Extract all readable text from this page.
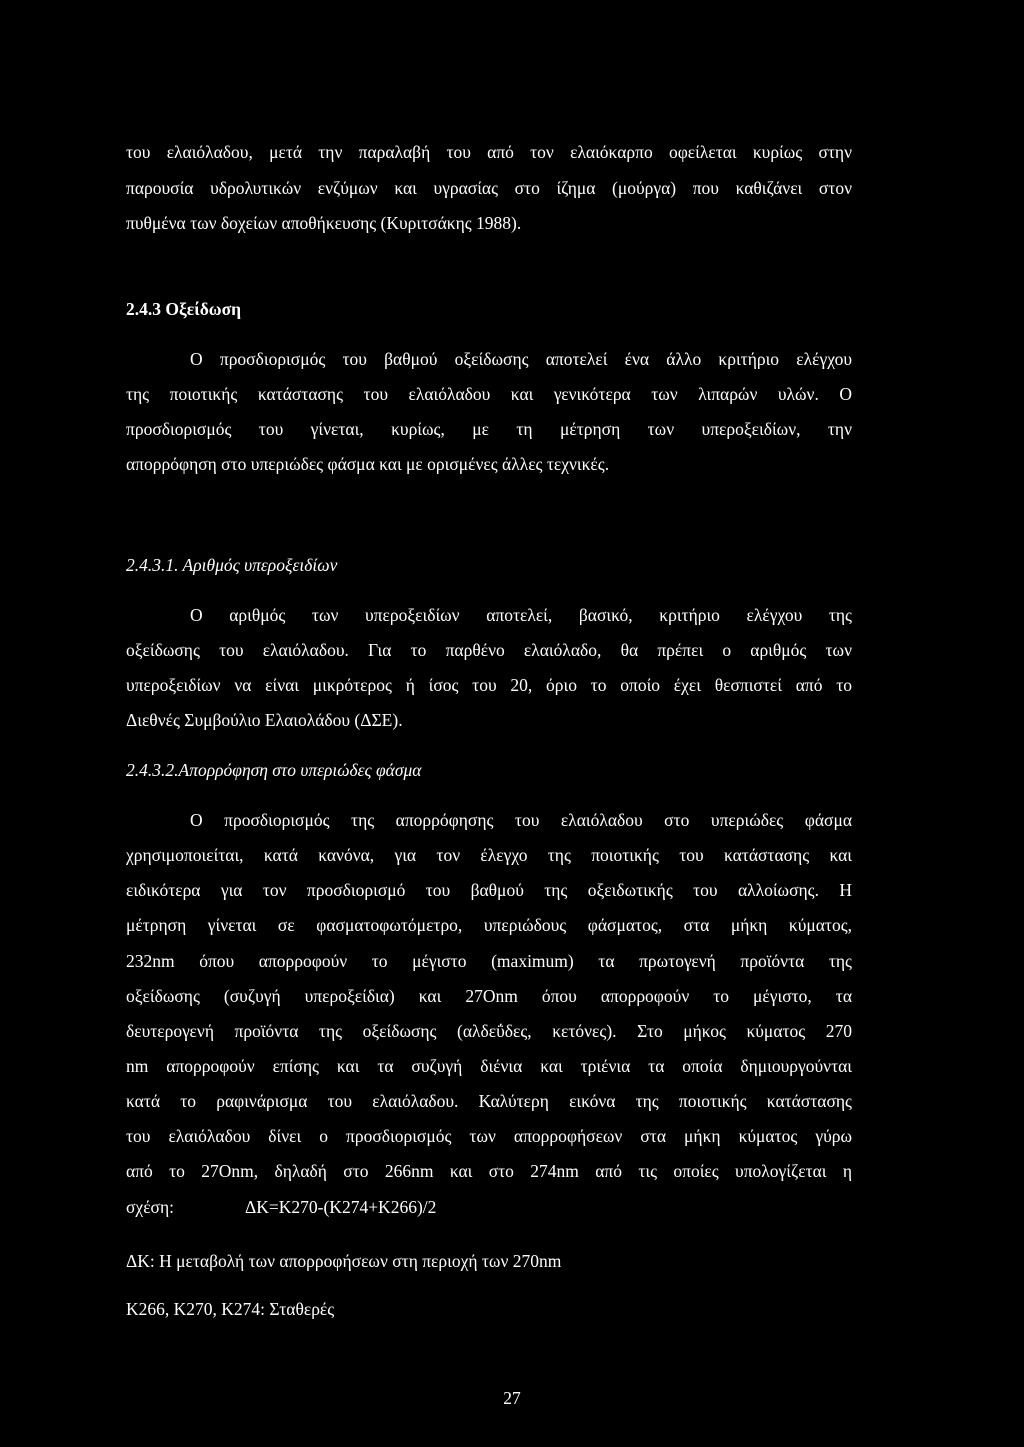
του ελαιόλαδου, μετά την παραλαβή του από τον ελαιόκαρπο οφείλεται κυρίως στην
παρουσία υδρολυτικών ενζύμων και υγρασίας στο ίζημα (μούργα) που καθιζάνει στον
πυθμένα των δοχείων αποθήκευσης (Κυριτσάκης 1988).
2.4.3 Οξείδωση
Ο προσδιορισμός του βαθμού οξείδωσης αποτελεί ένα άλλο κριτήριο ελέγχου
της ποιοτικής κατάστασης του ελαιόλαδου και γενικότερα των λιπαρών υλών. Ο
προσδιορισμός του γίνεται, κυρίως, με τη μέτρηση των υπεροξειδίων, την
απορρόφηση στο υπεριώδες φάσμα και με ορισμένες άλλες τεχνικές.
2.4.3.1. Αριθμός υπεροξειδίων
Ο αριθμός των υπεροξειδίων αποτελεί, βασικό, κριτήριο ελέγχου της
οξείδωσης του ελαιόλαδου. Για το παρθένο ελαιόλαδο, θα πρέπει ο αριθμός των
υπεροξειδίων να είναι μικρότερος ή ίσος του 20, όριο το οποίο έχει θεσπιστεί από το
Διεθνές Συμβούλιο Ελαιολάδου (ΔΣΕ).
2.4.3.2.Απορρόφηση στο υπεριώδες φάσμα
Ο προσδιορισμός της απορρόφησης του ελαιόλαδου στο υπεριώδες φάσμα
χρησιμοποιείται, κατά κανόνα, για τον έλεγχο της ποιοτικής του κατάστασης και
ειδικότερα για τον προσδιορισμό του βαθμού της οξειδωτικής του αλλοίωσης. Η
μέτρηση γίνεται σε φασματοφωτόμετρο, υπεριώδους φάσματος, στα μήκη κύματος,
232nm όπου απορροφούν το μέγιστο (maximum) τα πρωτογενή προϊόντα της
οξείδωσης (συζυγή υπεροξείδια) και 27Onm όπου απορροφούν το μέγιστο, τα
δευτερογενή προϊόντα της οξείδωσης (αλδεΰδες, κετόνες). Στο μήκος κύματος 270
nm απορροφούν επίσης και τα συζυγή διένια και τριένια τα οποία δημιουργούνται
κατά το ραφινάρισμα του ελαιόλαδου. Καλύτερη εικόνα της ποιοτικής κατάστασης
του ελαιόλαδου δίνει ο προσδιορισμός των απορροφήσεων στα μήκη κύματος γύρω
από το 27Onm, δηλαδή στο 266nm και στο 274nm από τις οποίες υπολογίζεται η
σχέση:	ΔΚ=Κ270-(Κ274+Κ266)/2
ΔΚ: Η μεταβολή των απορροφήσεων στη περιοχή των 270nm
Κ266, Κ270, Κ274: Σταθερές
27
